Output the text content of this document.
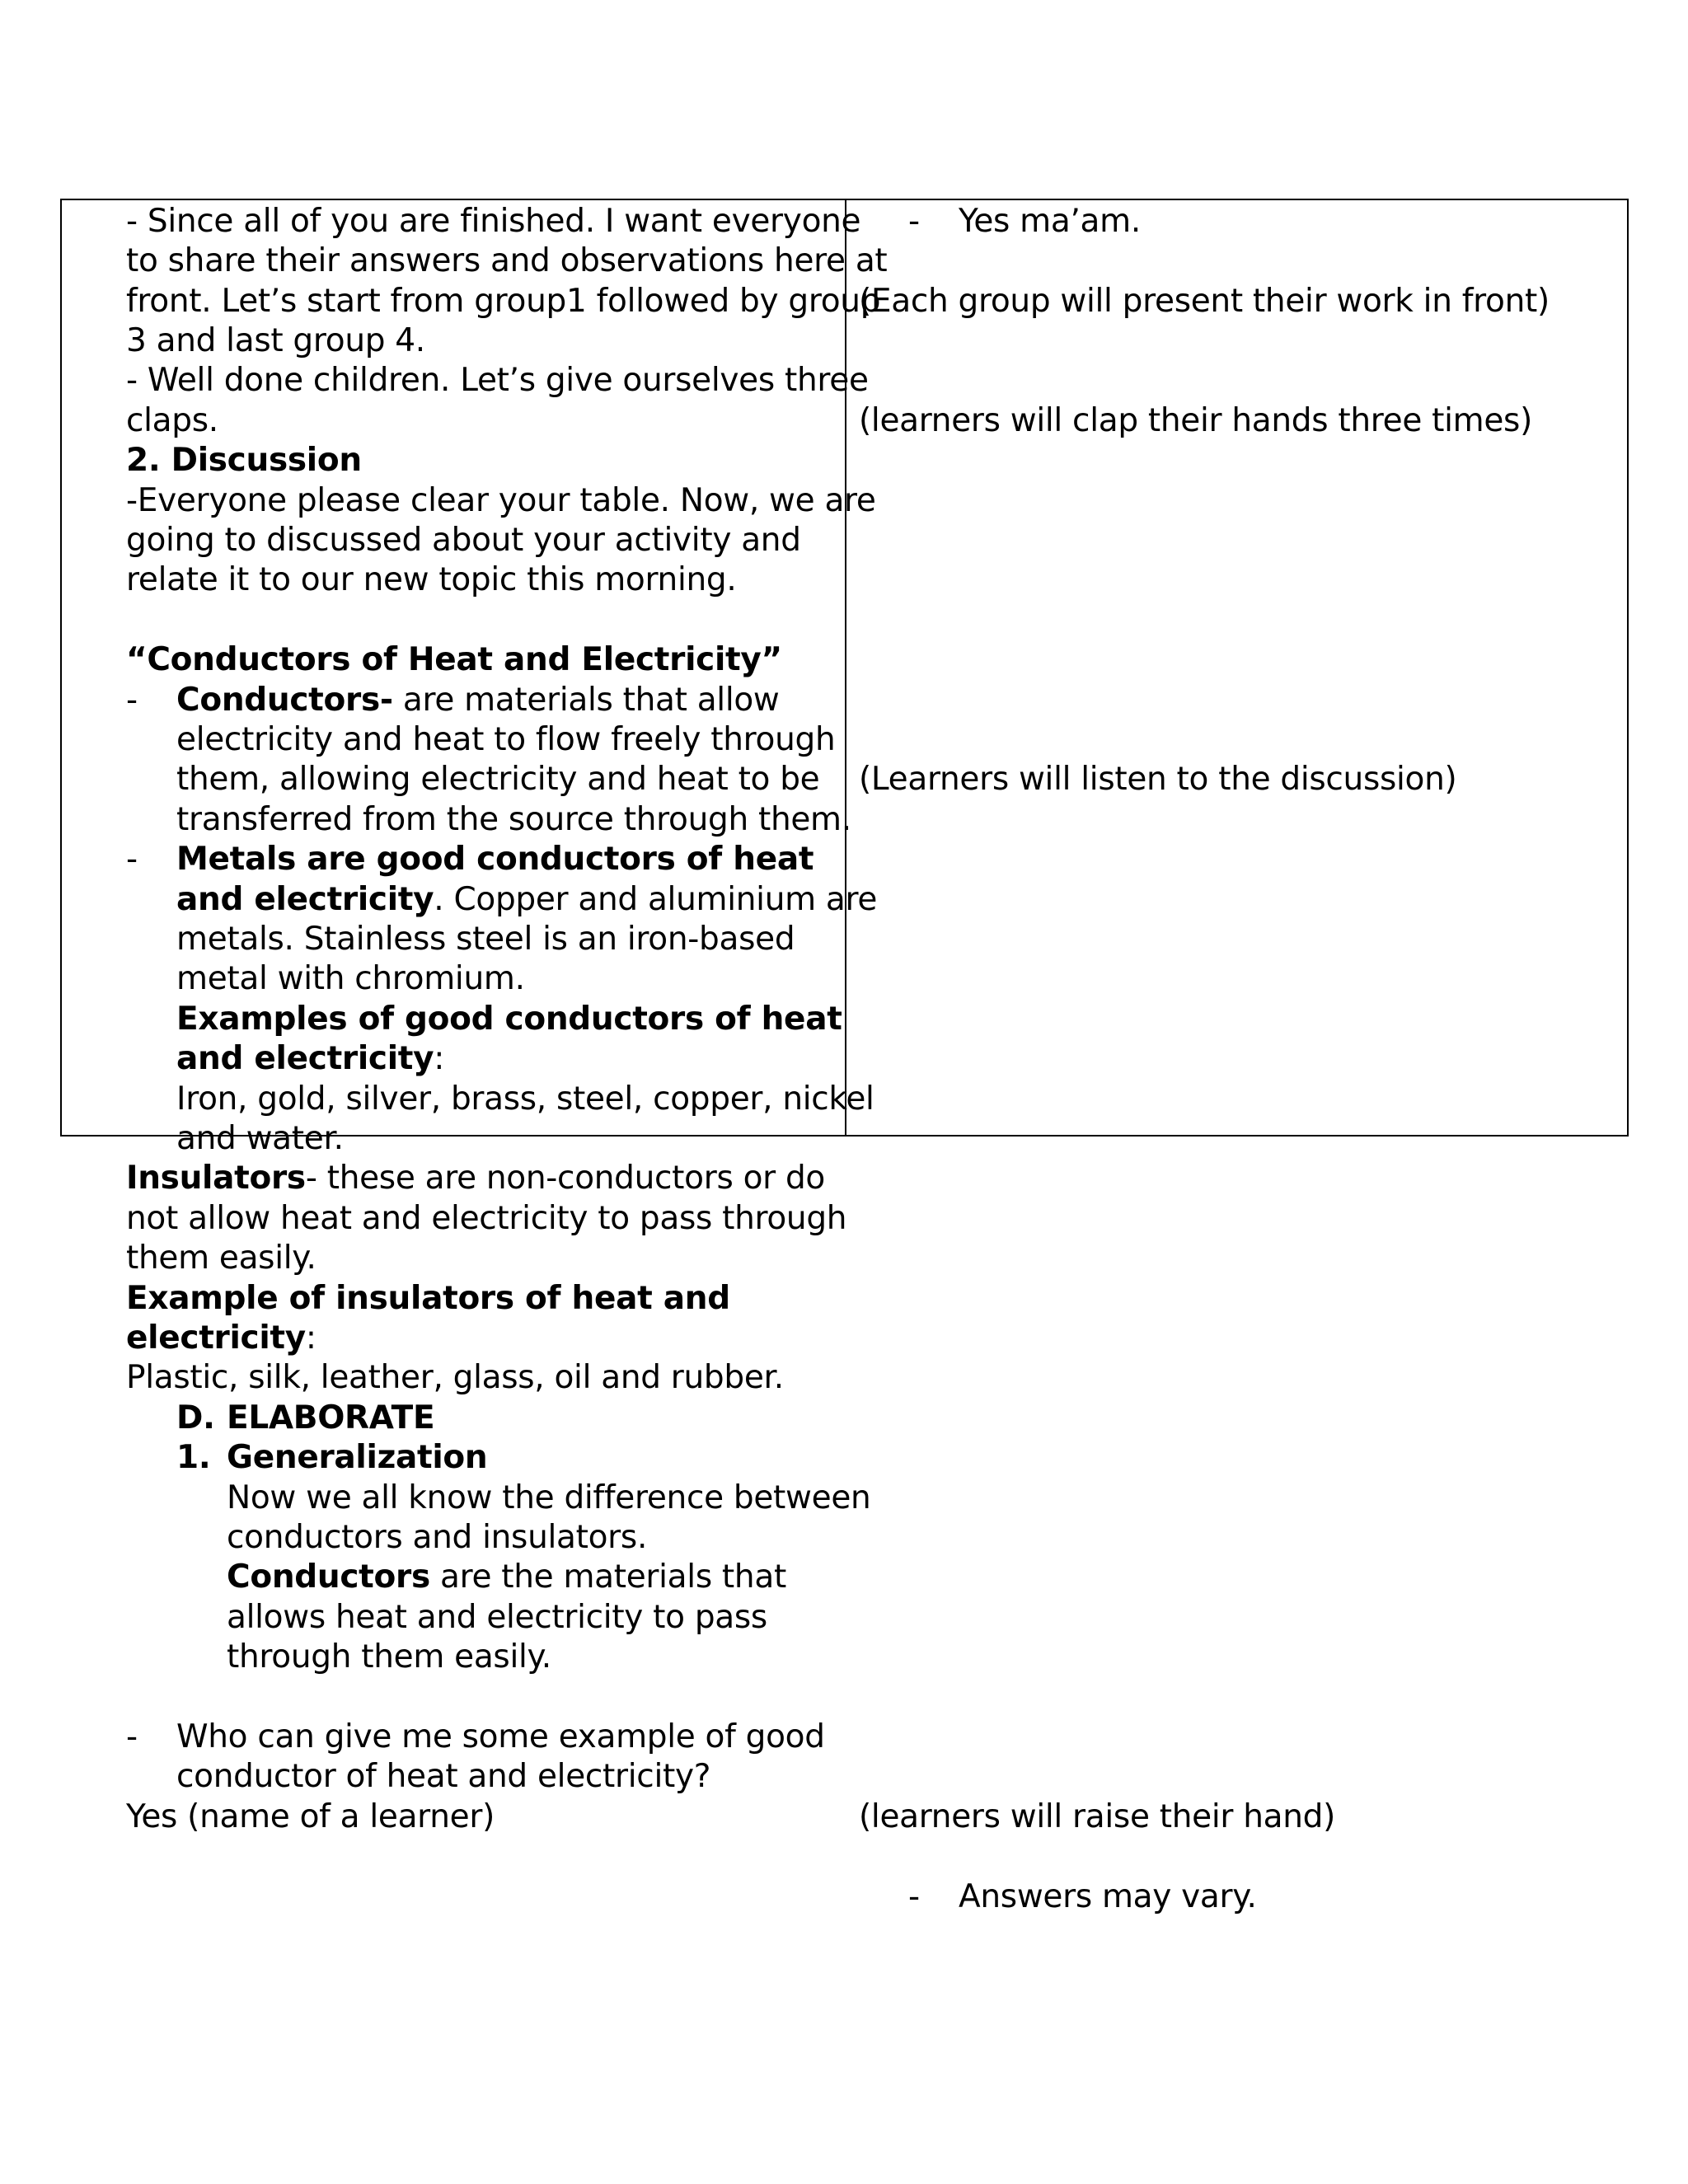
- Since all of you are finished. I want everyone
to share their answers and observations here at
front. Let’s start from group1 followed by group
3 and last group 4.
- Well done children. Let’s give ourselves three
claps.
2. Discussion
-Everyone please clear your table. Now, we are
going to discussed about your activity and
relate it to our new topic this morning.
“Conductors of Heat and Electricity”
- Conductors- are materials that allow
electricity and heat to flow freely through
them, allowing electricity and heat to be
transferred from the source through them.
- Metals are good conductors of heat
and electricity. Copper and aluminium are
metals. Stainless steel is an iron-based
metal with chromium.
Examples of good conductors of heat
and electricity:
Iron, gold, silver, brass, steel, copper, nickel
and water.
Insulators- these are non-conductors or do
not allow heat and electricity to pass through
them easily.
Example of insulators of heat and
electricity:
Plastic, silk, leather, glass, oil and rubber.
D. ELABORATE
1. Generalization
Now we all know the difference between
conductors and insulators.
Conductors are the materials that
allows heat and electricity to pass
through them easily.
- Who can give me some example of good
conductor of heat and electricity?
Yes (name of a learner)
- Yes ma’am.
(Each group will present their work in front)
(learners will clap their hands three times)
(Learners will listen to the discussion)
(learners will raise their hand)
- Answers may vary.
